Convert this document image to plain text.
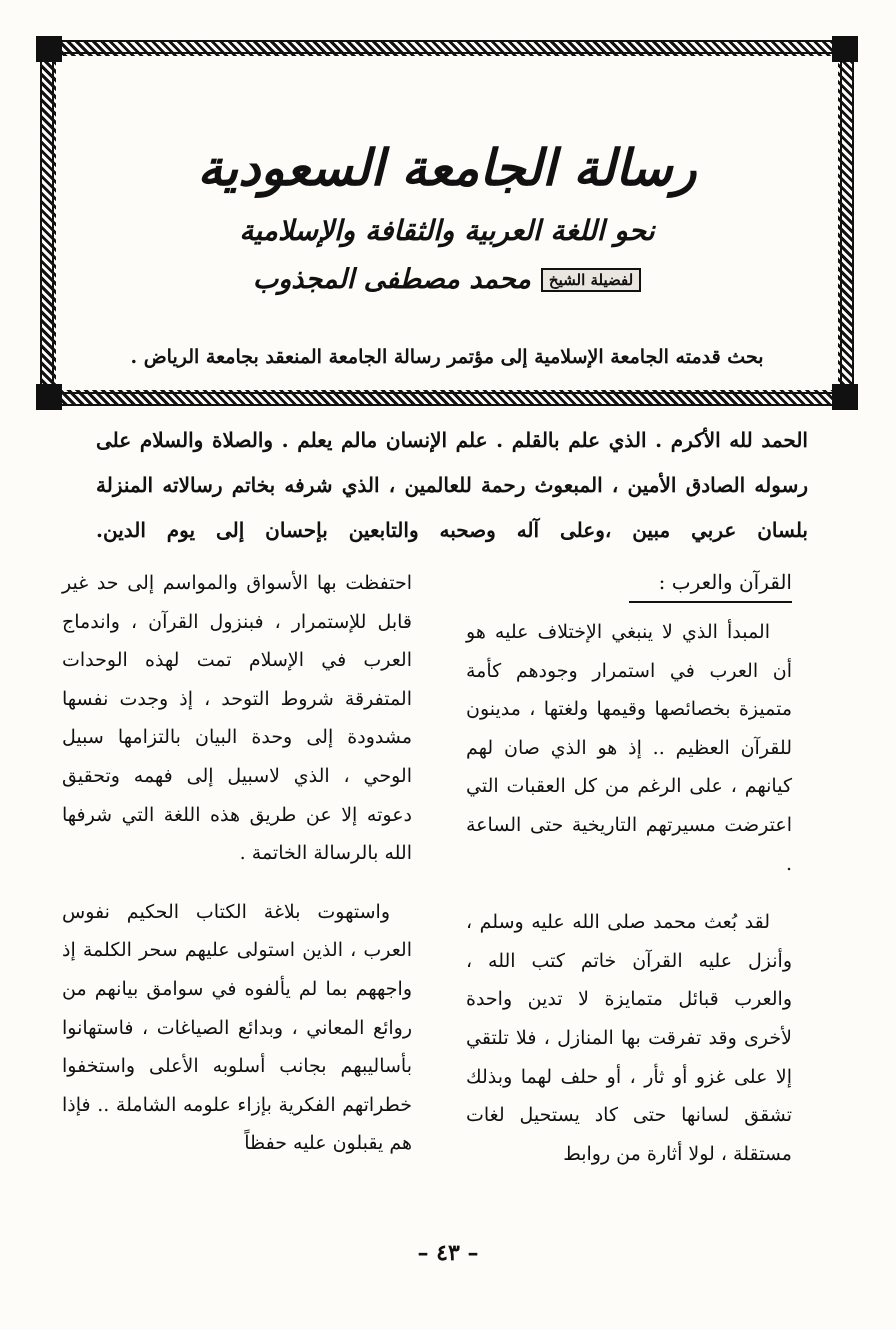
رسالة الجامعة السعودية
نحو اللغة العربية والثقافة والإسلامية
لفضيلة الشيخ
محمد مصطفى المجذوب
بحث قدمته الجامعة الإسلامية إلى مؤتمر رسالة الجامعة المنعقد بجامعة الرياض .
الحمد لله الأكرم . الذي علم بالقلم . علم الإنسان مالم يعلم . والصلاة والسلام على رسوله الصادق الأمين ، المبعوث رحمة للعالمين ، الذي شرفه بخاتم رسالاته المنزلة بلسان عربي مبين ،وعلى آله وصحبه والتابعين بإحسان إلى يوم الدين.
القرآن والعرب :

المبدأ الذي لا ينبغي الإختلاف عليه هو أن العرب في استمرار وجودهم كأمة متميزة بخصائصها وقيمها ولغتها ، مدينون للقرآن العظيم .. إذ هو الذي صان لهم كيانهم ، على الرغم من كل العقبات التي اعترضت مسيرتهم التاريخية حتى الساعة .

لقد بُعث محمد صلى الله عليه وسلم ، وأنزل عليه القرآن خاتم كتب الله ، والعرب قبائل متمايزة لا تدين واحدة لأخرى وقد تفرقت بها المنازل ، فلا تلتقي إلا على غزو أو ثأر ، أو حلف لهما وبذلك تشقق لسانها حتى كاد يستحيل لغات مستقلة ، لولا أثارة من روابط

احتفظت بها الأسواق والمواسم إلى حد غير قابل للإستمرار ، فبنزول القرآن ، واندماج العرب في الإسلام تمت لهذه الوحدات المتفرقة شروط التوحد ، إذ وجدت نفسها مشدودة إلى وحدة البيان بالتزامها سبيل الوحي ، الذي لاسبيل إلى فهمه وتحقيق دعوته إلا عن طريق هذه اللغة التي شرفها الله بالرسالة الخاتمة .

واستهوت بلاغة الكتاب الحكيم نفوس العرب ، الذين استولى عليهم سحر الكلمة إذ واجههم بما لم يألفوه في سوامق بيانهم من روائع المعاني ، وبدائع الصياغات ، فاستهانوا بأساليبهم بجانب أسلوبه الأعلى واستخفوا خطراتهم الفكرية بإزاء علومه الشاملة .. فإذا هم يقبلون عليه حفظاً

– ٤٣ –
